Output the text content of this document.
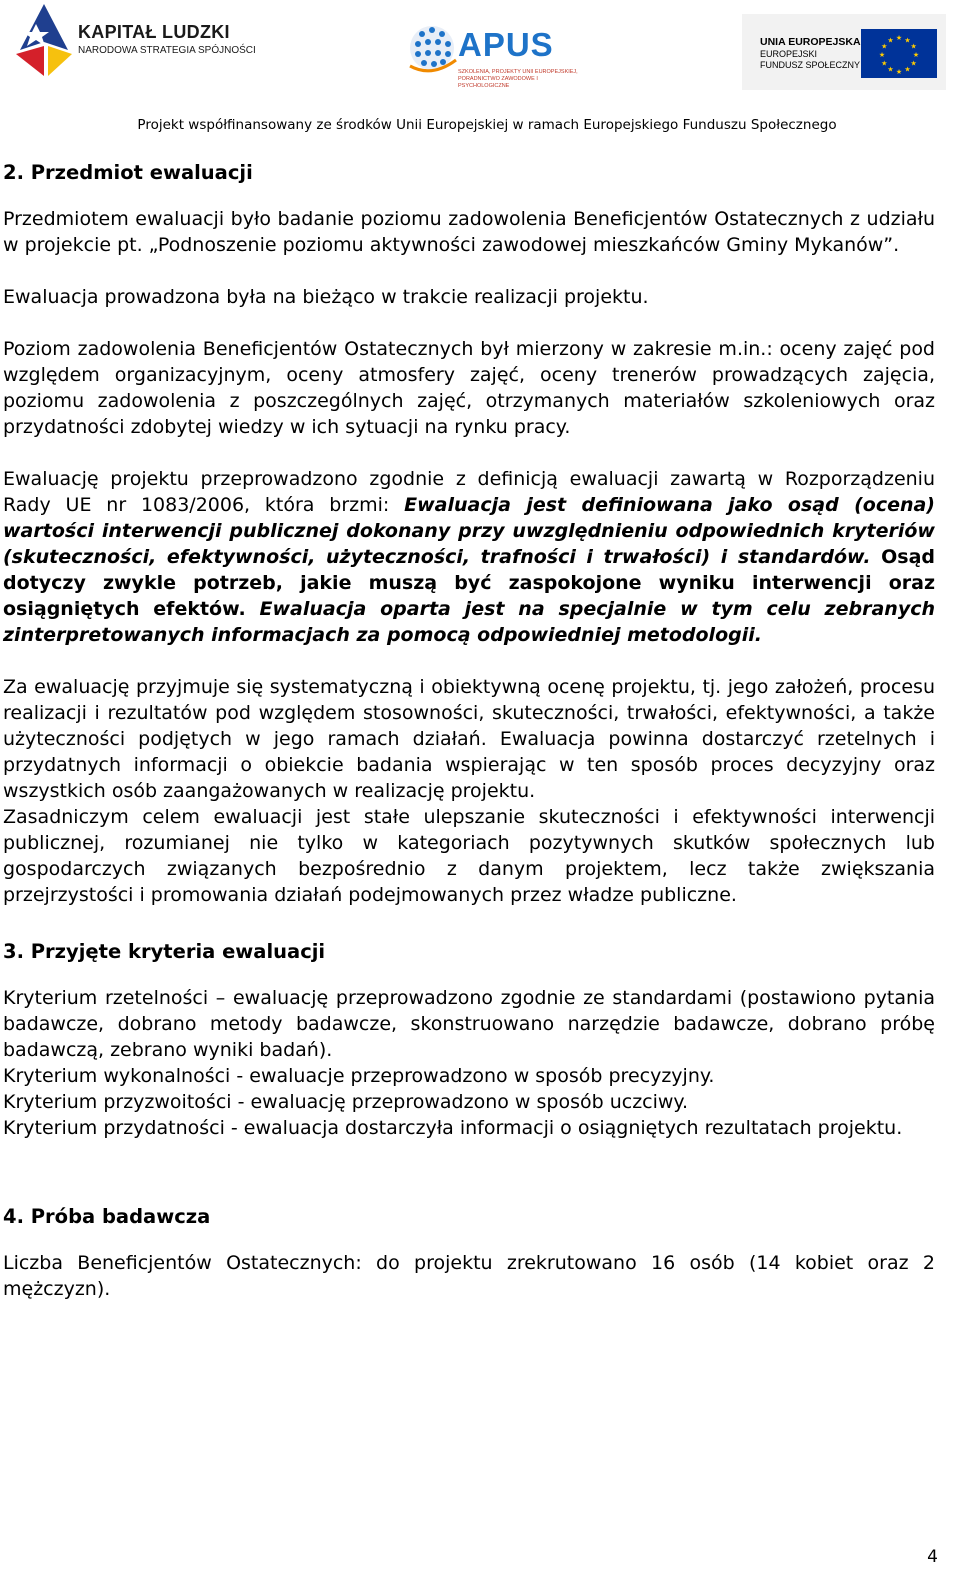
KAPITAŁ LUDZKI
NARODOWA STRATEGIA SPÓJNOŚCI	APUS
SZKOLENIA, PROJEKTY UNII EUROPEJSKIEJ, PORADNICTWO ZAWODOWE I PSYCHOLOGICZNE
UNIA EUROPEJSKA
EUROPEJSKI
FUNDUSZ SPOŁECZNY
★ ★
★
★
★
★
★
★
★
★
★
★
Projekt współfinansowany ze środków Unii Europejskiej w ramach Europejskiego Funduszu Społecznego
2. Przedmiot ewaluacji

Przedmiotem ewaluacji było badanie poziomu zadowolenia Beneficjentów Ostatecznych z udziału w projekcie pt. „Podnoszenie poziomu aktywności zawodowej mieszkańców Gminy Mykanów”.

Ewaluacja prowadzona była na bieżąco w trakcie realizacji projektu.

Poziom zadowolenia Beneficjentów Ostatecznych był mierzony w zakresie m.in.: oceny zajęć pod względem organizacyjnym, oceny atmosfery zajęć, oceny trenerów prowadzących zajęcia, poziomu zadowolenia z poszczególnych zajęć, otrzymanych materiałów szkoleniowych oraz przydatności zdobytej wiedzy w ich sytuacji na rynku pracy.

Ewaluację projektu przeprowadzono zgodnie z definicją ewaluacji zawartą w Rozporządzeniu Rady UE nr 1083/2006, która brzmi: Ewaluacja jest definiowana jako osąd (ocena) wartości interwencji publicznej dokonany przy uwzględnieniu odpowiednich kryteriów (skuteczności, efektywności, użyteczności, trafności i trwałości) i standardów. Osąd dotyczy zwykle potrzeb, jakie muszą być zaspokojone wyniku interwencji oraz osiągniętych efektów. Ewaluacja oparta jest na specjalnie w tym celu zebranych zinterpretowanych informacjach za pomocą odpowiedniej metodologii.

Za ewaluację przyjmuje się systematyczną i obiektywną ocenę projektu, tj. jego założeń, procesu realizacji i rezultatów pod względem stosowności, skuteczności, trwałości, efektywności, a także użyteczności podjętych w jego ramach działań. Ewaluacja powinna dostarczyć rzetelnych i przydatnych informacji o obiekcie badania wspierając w ten sposób proces decyzyjny oraz wszystkich osób zaangażowanych w realizację projektu.

Zasadniczym celem ewaluacji jest stałe ulepszanie skuteczności i efektywności interwencji publicznej, rozumianej nie tylko w kategoriach pozytywnych skutków społecznych lub gospodarczych związanych bezpośrednio z danym projektem, lecz także zwiększania przejrzystości i promowania działań podejmowanych przez władze publiczne.

3. Przyjęte kryteria ewaluacji

Kryterium rzetelności – ewaluację przeprowadzono zgodnie ze standardami (postawiono pytania badawcze, dobrano metody badawcze, skonstruowano narzędzie badawcze, dobrano próbę badawczą, zebrano wyniki badań).

Kryterium wykonalności - ewaluacje przeprowadzono w sposób precyzyjny.

Kryterium przyzwoitości - ewaluację przeprowadzono w sposób uczciwy.

Kryterium przydatności - ewaluacja dostarczyła informacji o osiągniętych rezultatach projektu.

4. Próba badawcza

Liczba Beneficjentów Ostatecznych: do projektu zrekrutowano 16 osób (14 kobiet oraz 2 mężczyzn).

4
